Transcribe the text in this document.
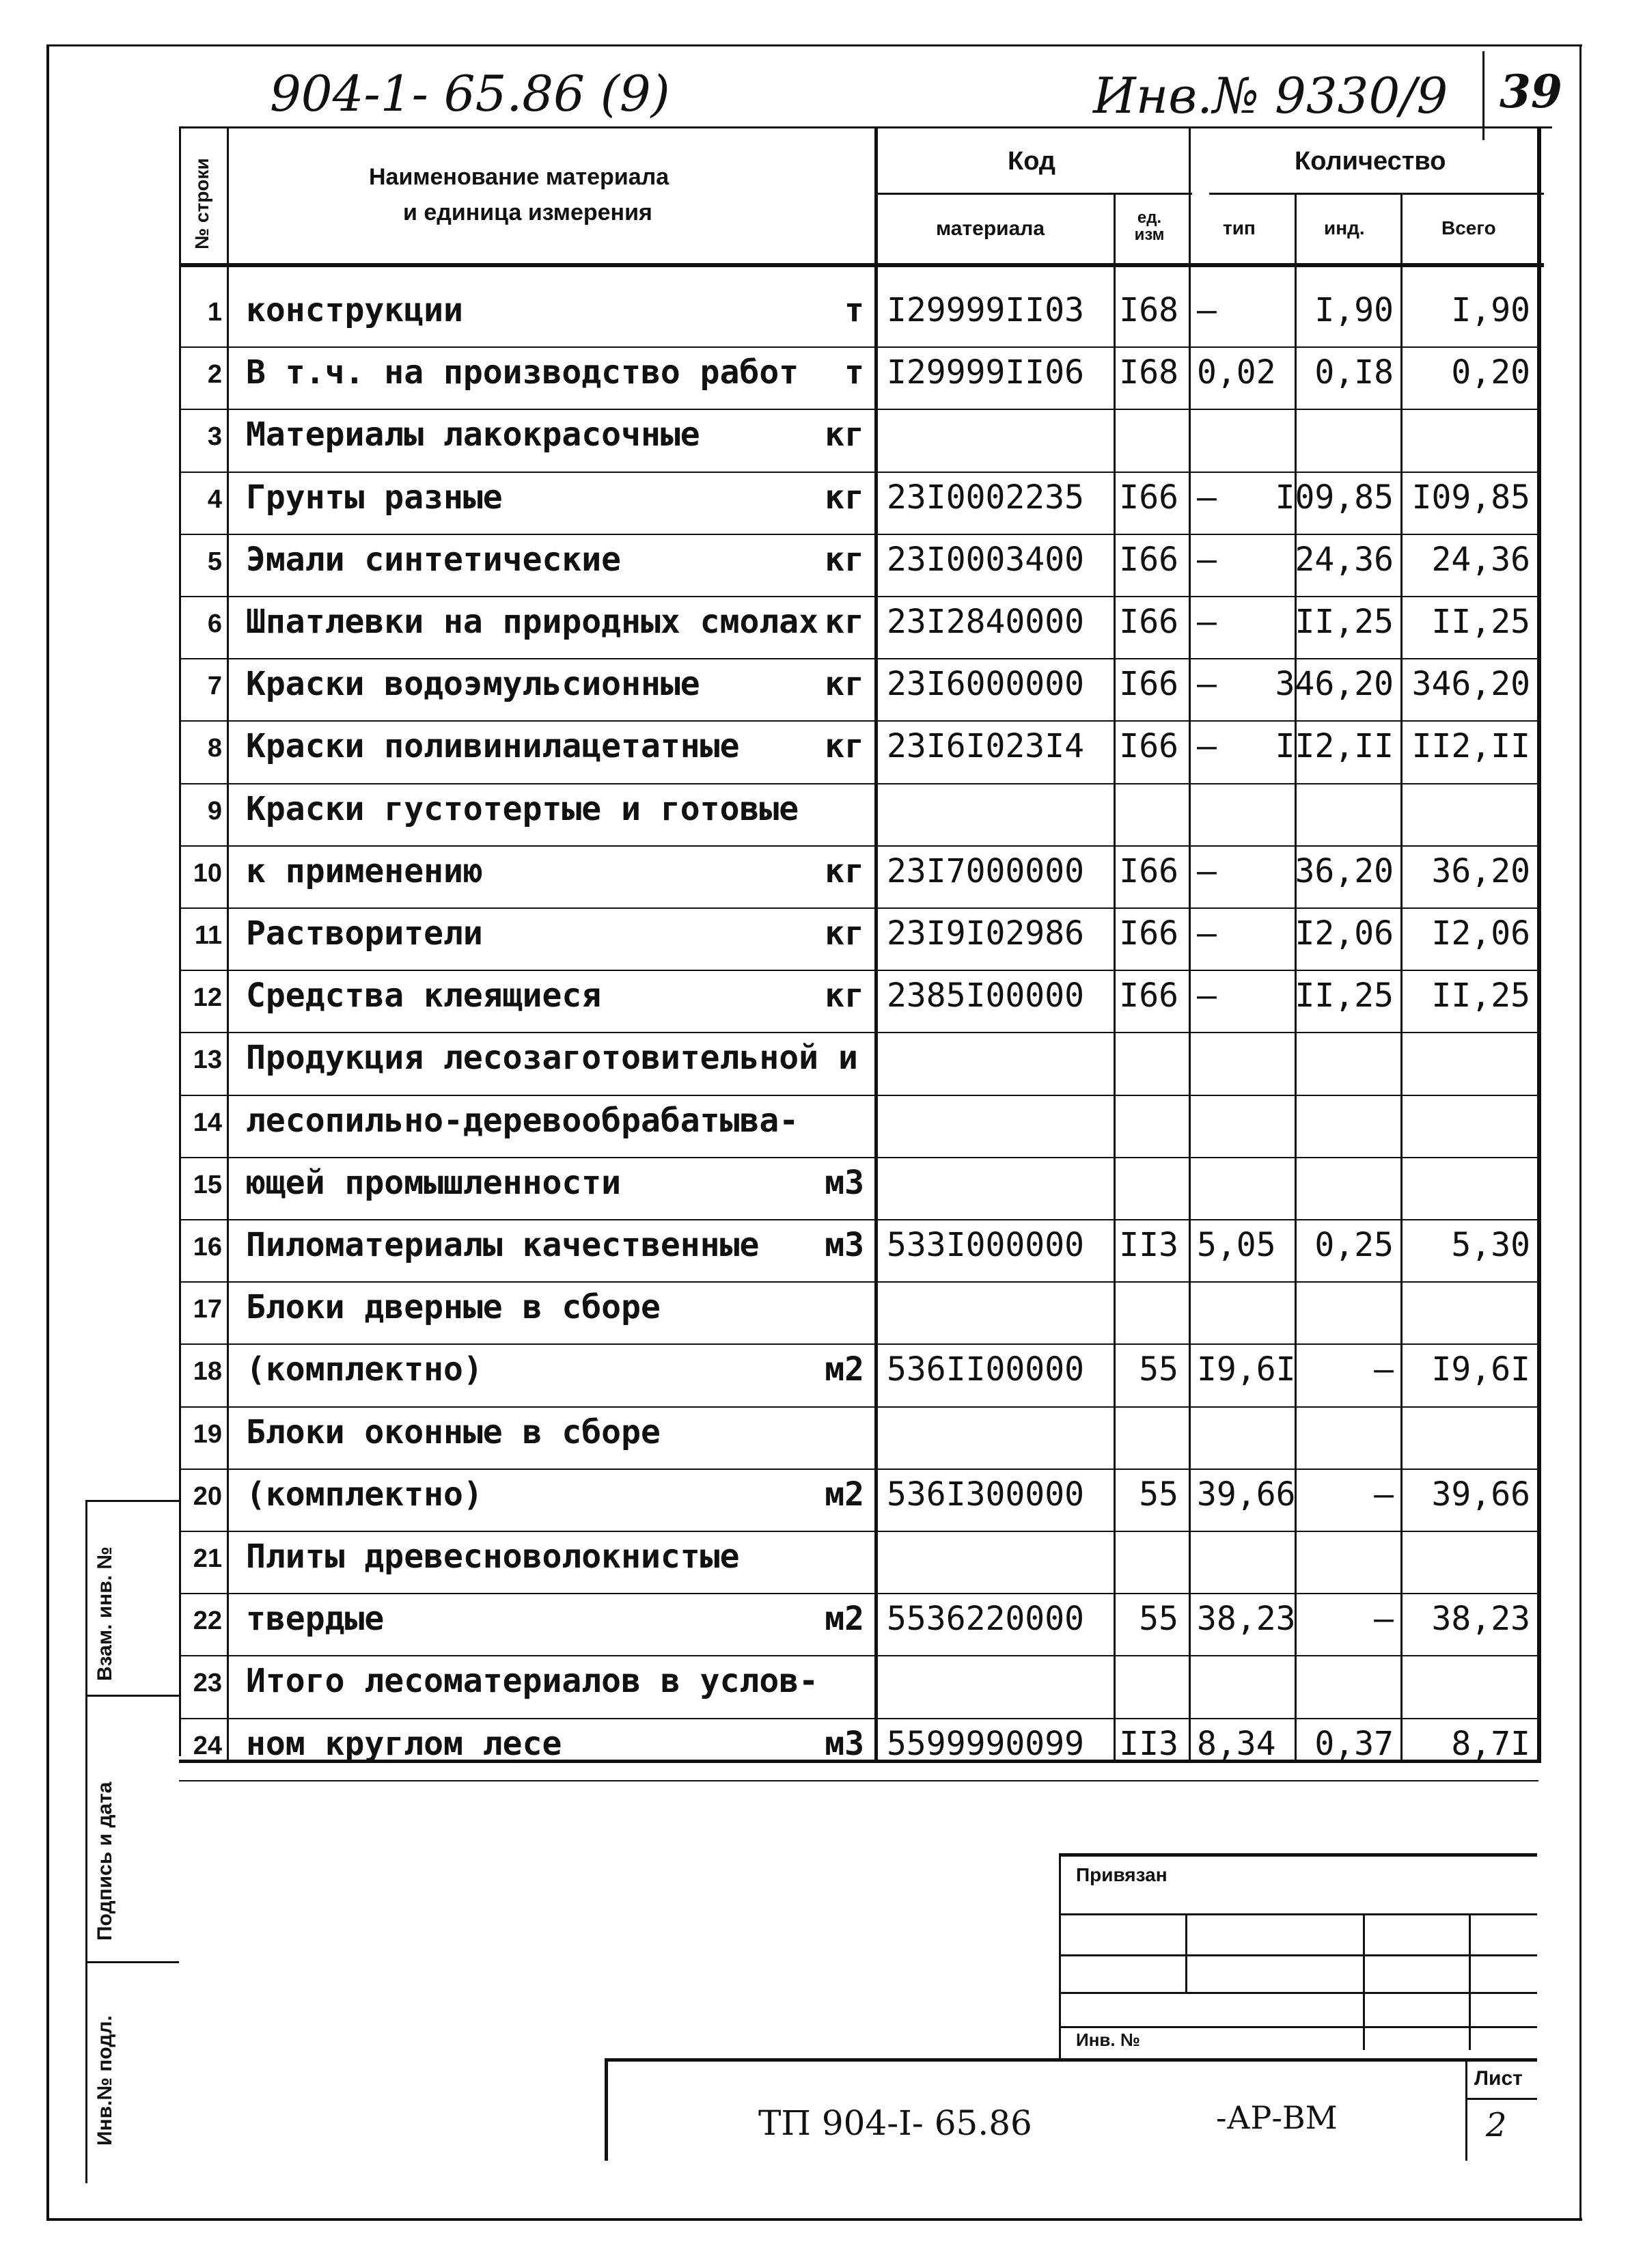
904-1- 65.86 (9)	Инв.№ 9330/9 39
№ строки	Наименование материала
и единица измерения
Код
материала	ед. изм
Количество
тип	инд.	Всего
1 конструкции	т I29999II03	I68 –	I,90	I,90
2 В т.ч. на производство работ	т I29999II06	I68 0,02	0,I8	0,20
3 Материалы лакокрасочные	кг
4 Грунты разные	кг 23I0002235	I66 –	I09,85 I09,85
5 Эмали синтетические	кг 23I0003400	I66 –	24,36	24,36
6 Шпатлевки на природных смолах кг 23I2840000	I66 –	II,25	II,25
7 Краски водоэмульсионные	кг 23I6000000	I66 –	346,20 346,20
8 Краски поливинилацетатные	кг 23I6I023I4	I66 –	II2,II II2,II
9 Краски густотертые и готовые
10 к применению	кг 23I7000000	I66 –	36,20	36,20
11 Растворители	кг 23I9I02986	I66 –	I2,06	I2,06
12 Средства клеящиеся	кг 2385I00000	I66 –	II,25	II,25
13 Продукция лесозаготовительной и
14 лесопильно-деревообрабатыва-
15 ющей промышленности	м3
16 Пиломатериалы качественные	м3 533I000000	II3 5,05	0,25	5,30
17 Блоки дверные в сборе
18 (комплектно)	м2 536II00000	55 I9,6I	–	I9,6I
19 Блоки оконные в сборе
20 (комплектно)	м2 536I300000	55 39,66	–	39,66
21 Плиты древесноволокнистые
22 твердые	м2 5536220000	55 38,23	–	38,23
23 Итого лесоматериалов в услов-
24 ном круглом лесе	м3 5599990099	II3 8,34	0,37	8,7I
Взам. инв. №
Подпись и дата
Инв.№ подл.
Привязан
Инв. №
ТП 904-I- 65.86	-АР-ВМ
Лист
2
